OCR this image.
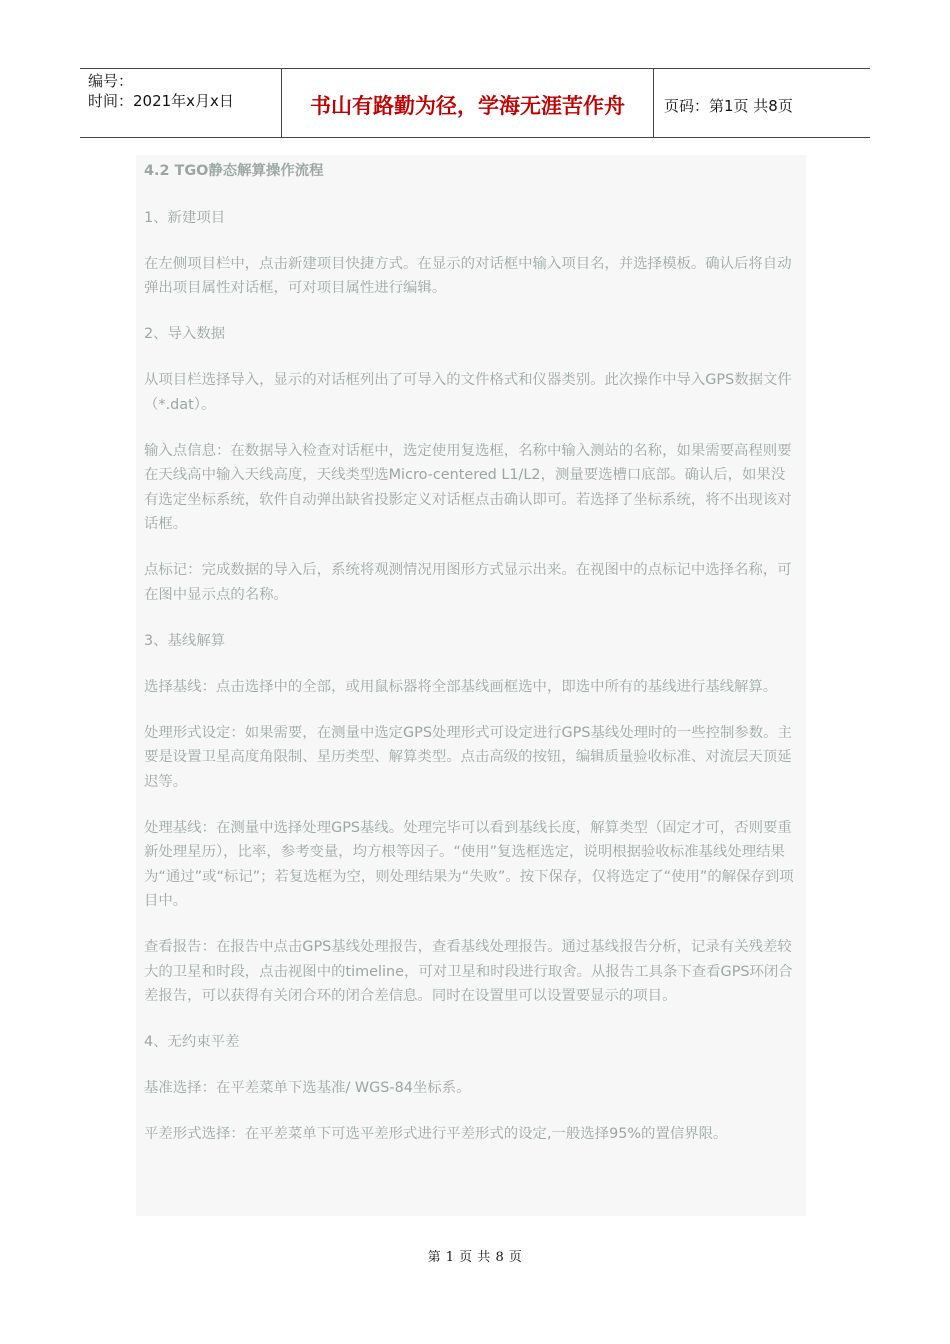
编号：
时间：2021年x月x日	书山有路勤为径，学海无涯苦作舟	页码：第1页 共8页
4.2 TGO静态解算操作流程

1、新建项目

在左侧项目栏中，点击新建项目快捷方式。在显示的对话框中输入项目名，并选择模板。确认后将自动弹出项目属性对话框，可对项目属性进行编辑。

2、导入数据

从项目栏选择导入，显示的对话框列出了可导入的文件格式和仪器类别。此次操作中导入GPS数据文件（*.dat）。

输入点信息：在数据导入检查对话框中，选定使用复选框，名称中输入测站的名称，如果需要高程则要在天线高中输入天线高度，天线类型选Micro-centered L1/L2，测量要选槽口底部。确认后，如果没有选定坐标系统，软件自动弹出缺省投影定义对话框点击确认即可。若选择了坐标系统，将不出现该对话框。

点标记：完成数据的导入后，系统将观测情况用图形方式显示出来。在视图中的点标记中选择名称，可在图中显示点的名称。

3、基线解算

选择基线：点击选择中的全部，或用鼠标器将全部基线画框选中，即选中所有的基线进行基线解算。

处理形式设定：如果需要，在测量中选定GPS处理形式可设定进行GPS基线处理时的一些控制参数。主要是设置卫星高度角限制、星历类型、解算类型。点击高级的按钮，编辑质量验收标准、对流层天顶延迟等。

处理基线：在测量中选择处理GPS基线。处理完毕可以看到基线长度，解算类型（固定才可，否则要重新处理星历），比率，参考变量，均方根等因子。“使用”复选框选定，说明根据验收标准基线处理结果为“通过”或“标记”；若复选框为空，则处理结果为“失败”。按下保存，仅将选定了“使用”的解保存到项目中。

查看报告：在报告中点击GPS基线处理报告，查看基线处理报告。通过基线报告分析，记录有关残差较大的卫星和时段，点击视图中的timeline，可对卫星和时段进行取舍。从报告工具条下查看GPS环闭合差报告，可以获得有关闭合环的闭合差信息。同时在设置里可以设置要显示的项目。

4、无约束平差

基准选择：在平差菜单下选基准/ WGS-84坐标系。

平差形式选择：在平差菜单下可选平差形式进行平差形式的设定,一般选择95%的置信界限。

第 1 页 共 8 页
